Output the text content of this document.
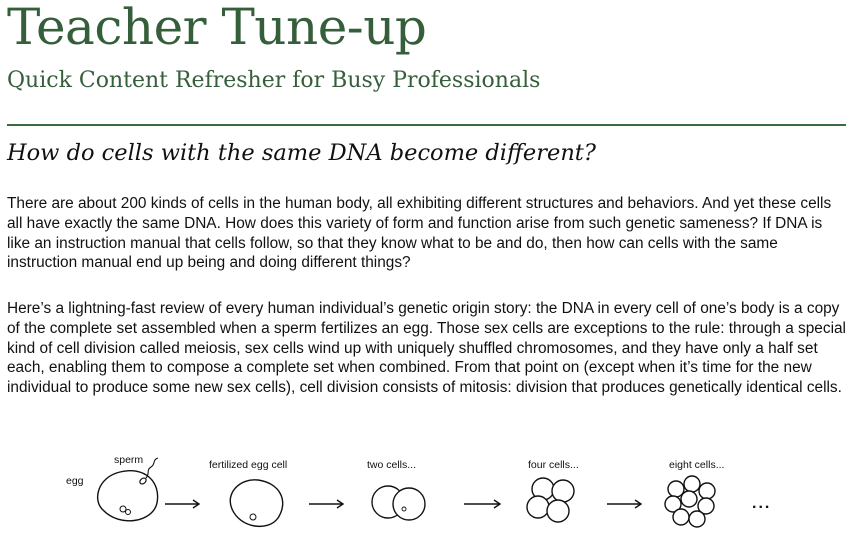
Teacher Tune-up
Quick Content Refresher for Busy Professionals
How do cells with the same DNA become different?

There are about 200 kinds of cells in the human body, all exhibiting different structures and behaviors. And yet these cells all have exactly the same DNA. How does this variety of form and function arise from such genetic sameness? If DNA is like an instruction manual that cells follow, so that they know what to be and do, then how can cells with the same instruction manual end up being and doing different things?

Here’s a lightning-fast review of every human individual’s genetic origin story: the DNA in every cell of one’s body is a copy of the complete set assembled when a sperm fertilizes an egg. Those sex cells are exceptions to the rule: through a special kind of cell division called meiosis, sex cells wind up with uniquely shuffled chromosomes, and they have only a half set each, enabling them to compose a complete set when combined. From that point on (except when it’s time for the new individual to produce some new sex cells), cell division consists of mitosis: division that produces genetically identical cells.

sperm
egg
fertilized egg cell	two cells...	four cells...	eight cells...
...
